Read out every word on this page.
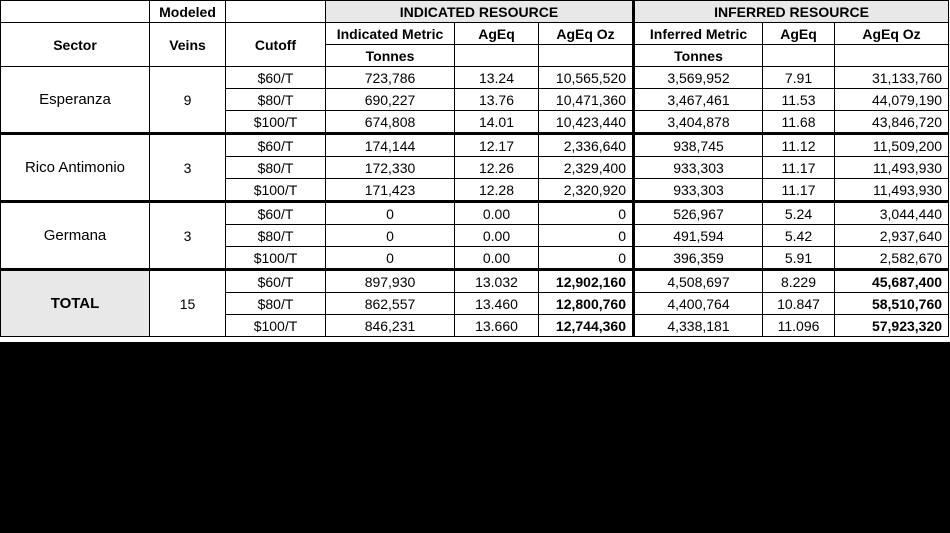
	Modeled		INDICATED RESOURCE			INFERRED RESOURCE		
Sector	Veins	Cutoff	Indicated Metric	AgEq	AgEq Oz	Inferred Metric	AgEq	AgEq Oz
			Tonnes			Tonnes		
Esperanza	9	$60/T	723,786	13.24	10,565,520	3,569,952	7.91	31,133,760
		$80/T	690,227	13.76	10,471,360	3,467,461	11.53	44,079,190
		$100/T	674,808	14.01	10,423,440	3,404,878	11.68	43,846,720
Rico Antimonio	3	$60/T	174,144	12.17	2,336,640	938,745	11.12	11,509,200
		$80/T	172,330	12.26	2,329,400	933,303	11.17	11,493,930
		$100/T	171,423	12.28	2,320,920	933,303	11.17	11,493,930
Germana	3	$60/T	0	0.00	0	526,967	5.24	3,044,440
		$80/T	0	0.00	0	491,594	5.42	2,937,640
		$100/T	0	0.00	0	396,359	5.91	2,582,670
TOTAL	15	$60/T	897,930	13.032	12,902,160	4,508,697	8.229	45,687,400
		$80/T	862,557	13.460	12,800,760	4,400,764	10.847	58,510,760
		$100/T	846,231	13.660	12,744,360	4,338,181	11.096	57,923,320
